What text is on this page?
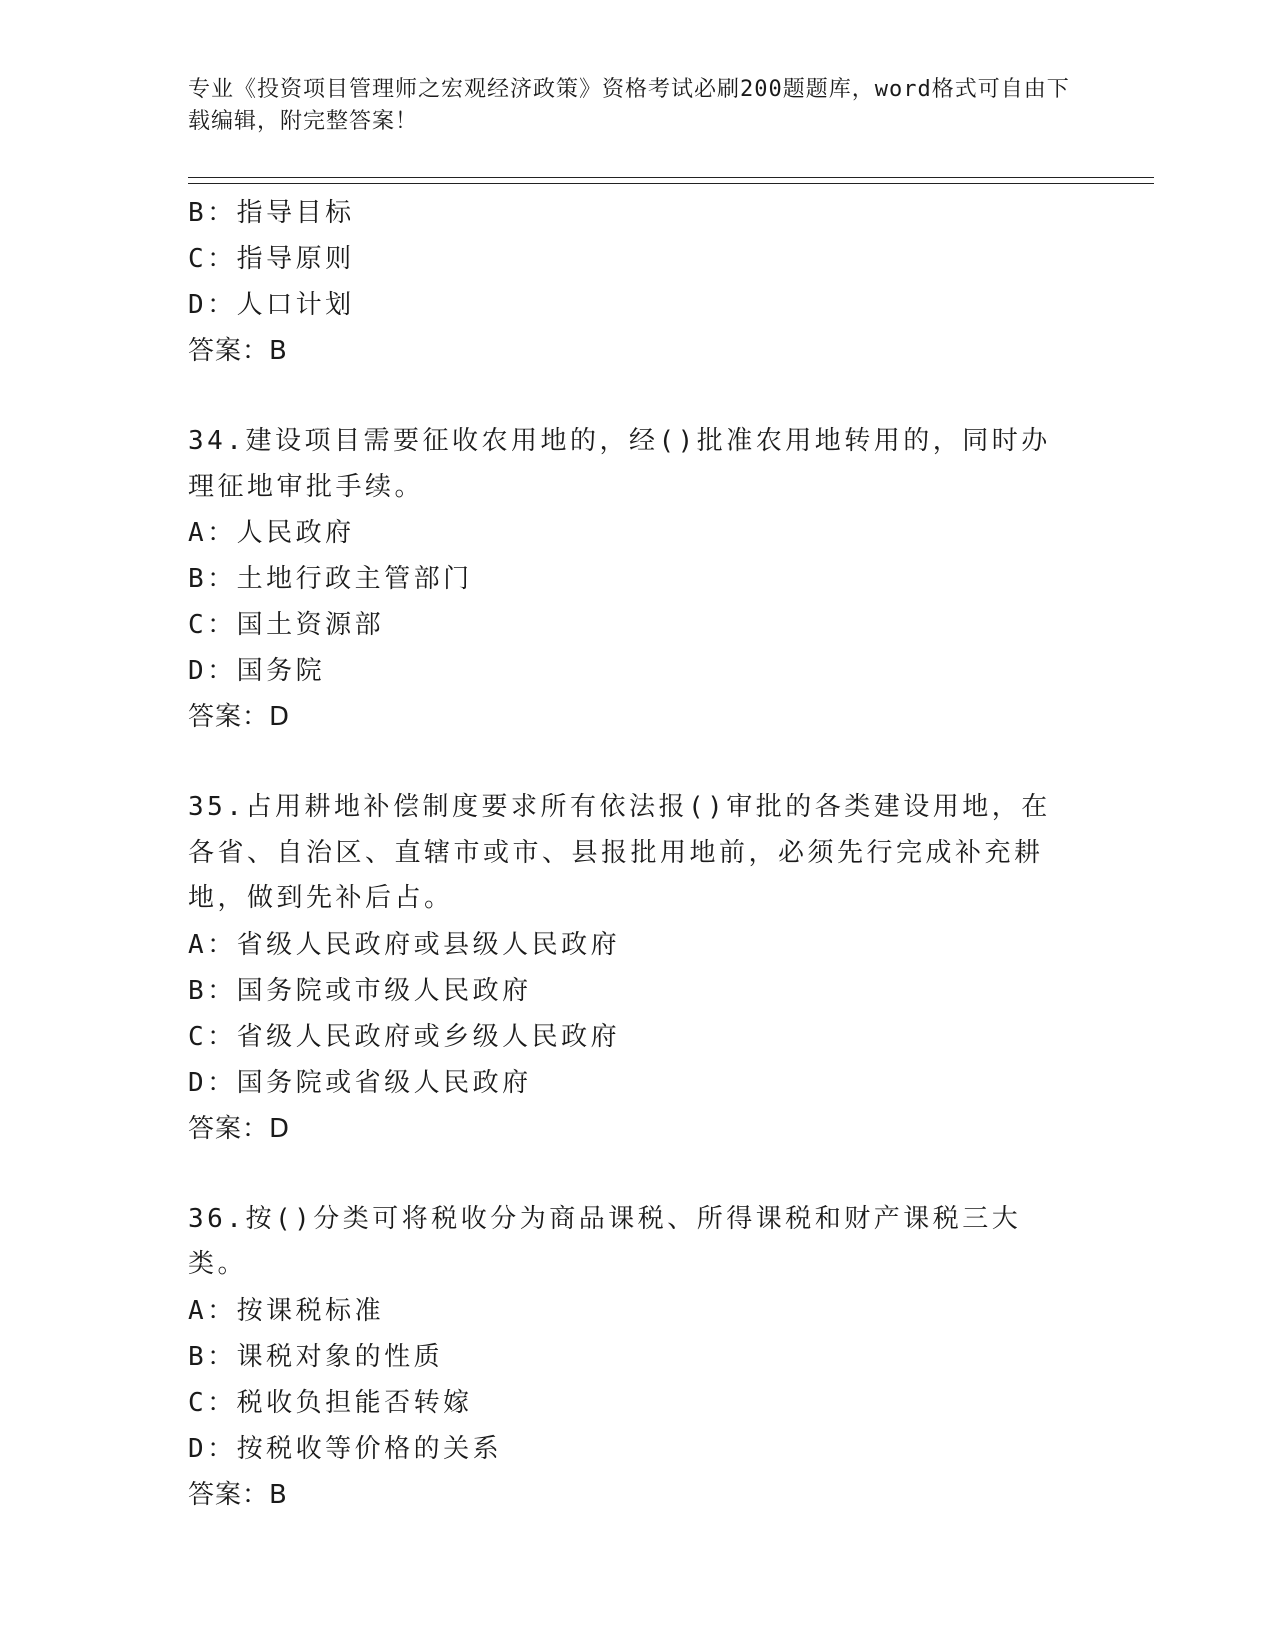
专业《投资项目管理师之宏观经济政策》资格考试必刷200题题库，word格式可自由下载编辑，附完整答案！
B：指导目标
C：指导原则
D：人口计划
答案：B
34.建设项目需要征收农用地的，经()批准农用地转用的，同时办理征地审批手续。
A：人民政府
B：土地行政主管部门
C：国土资源部
D：国务院
答案：D
35.占用耕地补偿制度要求所有依法报()审批的各类建设用地，在各省、自治区、直辖市或市、县报批用地前，必须先行完成补充耕地，做到先补后占。
A：省级人民政府或县级人民政府
B：国务院或市级人民政府
C：省级人民政府或乡级人民政府
D：国务院或省级人民政府
答案：D
36.按()分类可将税收分为商品课税、所得课税和财产课税三大类。
A：按课税标准
B：课税对象的性质
C：税收负担能否转嫁
D：按税收等价格的关系
答案：B
